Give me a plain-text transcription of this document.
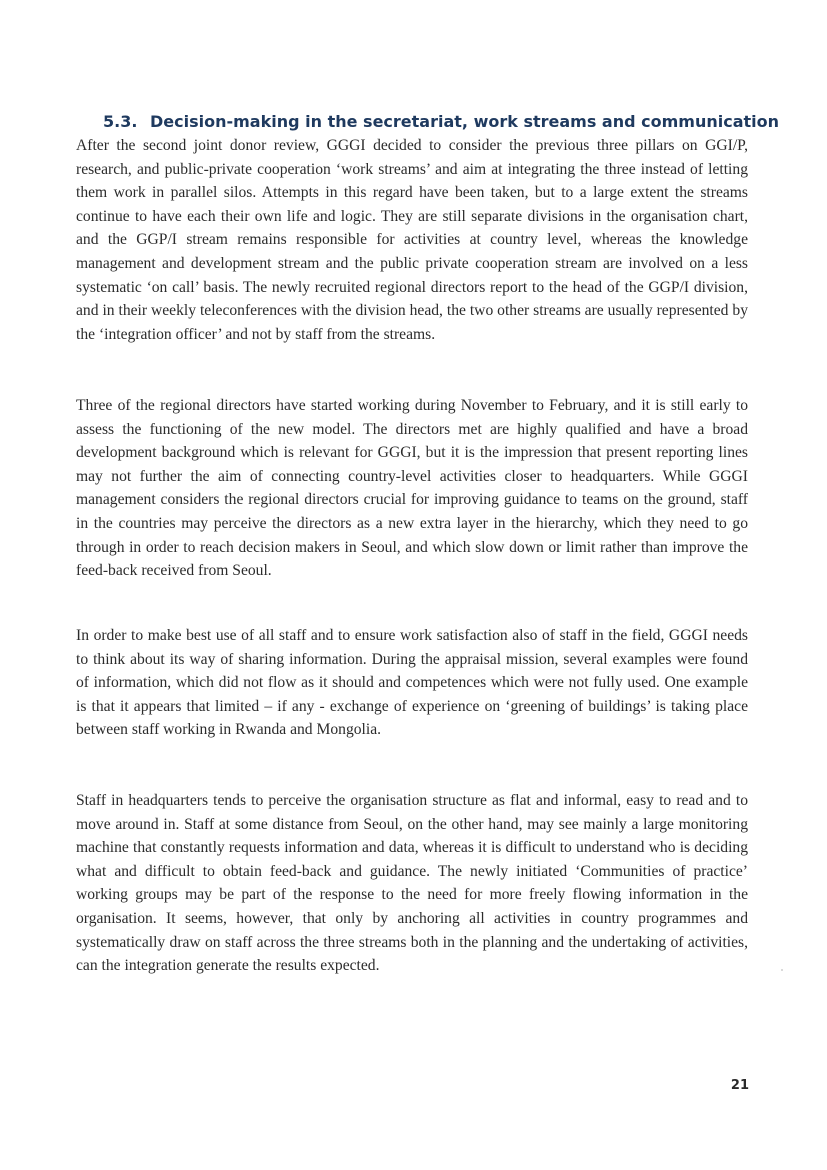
5.3. Decision-making in the secretariat, work streams and communication

After the second joint donor review, GGGI decided to consider the previous three pillars on GGI/P, research, and public-private cooperation ‘work streams’ and aim at integrating the three instead of letting them work in parallel silos. Attempts in this regard have been taken, but to a large extent the streams continue to have each their own life and logic. They are still separate divisions in the organisation chart, and the GGP/I stream remains responsible for activities at country level, whereas the knowledge management and development stream and the public private cooperation stream are involved on a less systematic ‘on call’ basis. The newly recruited regional directors report to the head of the GGP/I division, and in their weekly teleconferences with the division head, the two other streams are usually represented by the ‘integration officer’ and not by staff from the streams.

Three of the regional directors have started working during November to February, and it is still early to assess the functioning of the new model. The directors met are highly qualified and have a broad development background which is relevant for GGGI, but it is the impression that present reporting lines may not further the aim of connecting country-level activities closer to headquarters. While GGGI management considers the regional directors crucial for improving guidance to teams on the ground, staff in the countries may perceive the directors as a new extra layer in the hierarchy, which they need to go through in order to reach decision makers in Seoul, and which slow down or limit rather than improve the feed-back received from Seoul.

In order to make best use of all staff and to ensure work satisfaction also of staff in the field, GGGI needs to think about its way of sharing information. During the appraisal mission, several examples were found of information, which did not flow as it should and competences which were not fully used. One example is that it appears that limited – if any - exchange of experience on ‘greening of buildings’ is taking place between staff working in Rwanda and Mongolia.

Staff in headquarters tends to perceive the organisation structure as flat and informal, easy to read and to move around in. Staff at some distance from Seoul, on the other hand, may see mainly a large monitoring machine that constantly requests information and data, whereas it is difficult to understand who is deciding what and difficult to obtain feed-back and guidance. The newly initiated ‘Communities of practice’ working groups may be part of the response to the need for more freely flowing information in the organisation. It seems, however, that only by anchoring all activities in country programmes and systematically draw on staff across the three streams both in the planning and the undertaking of activities, can the integration generate the results expected.

21
